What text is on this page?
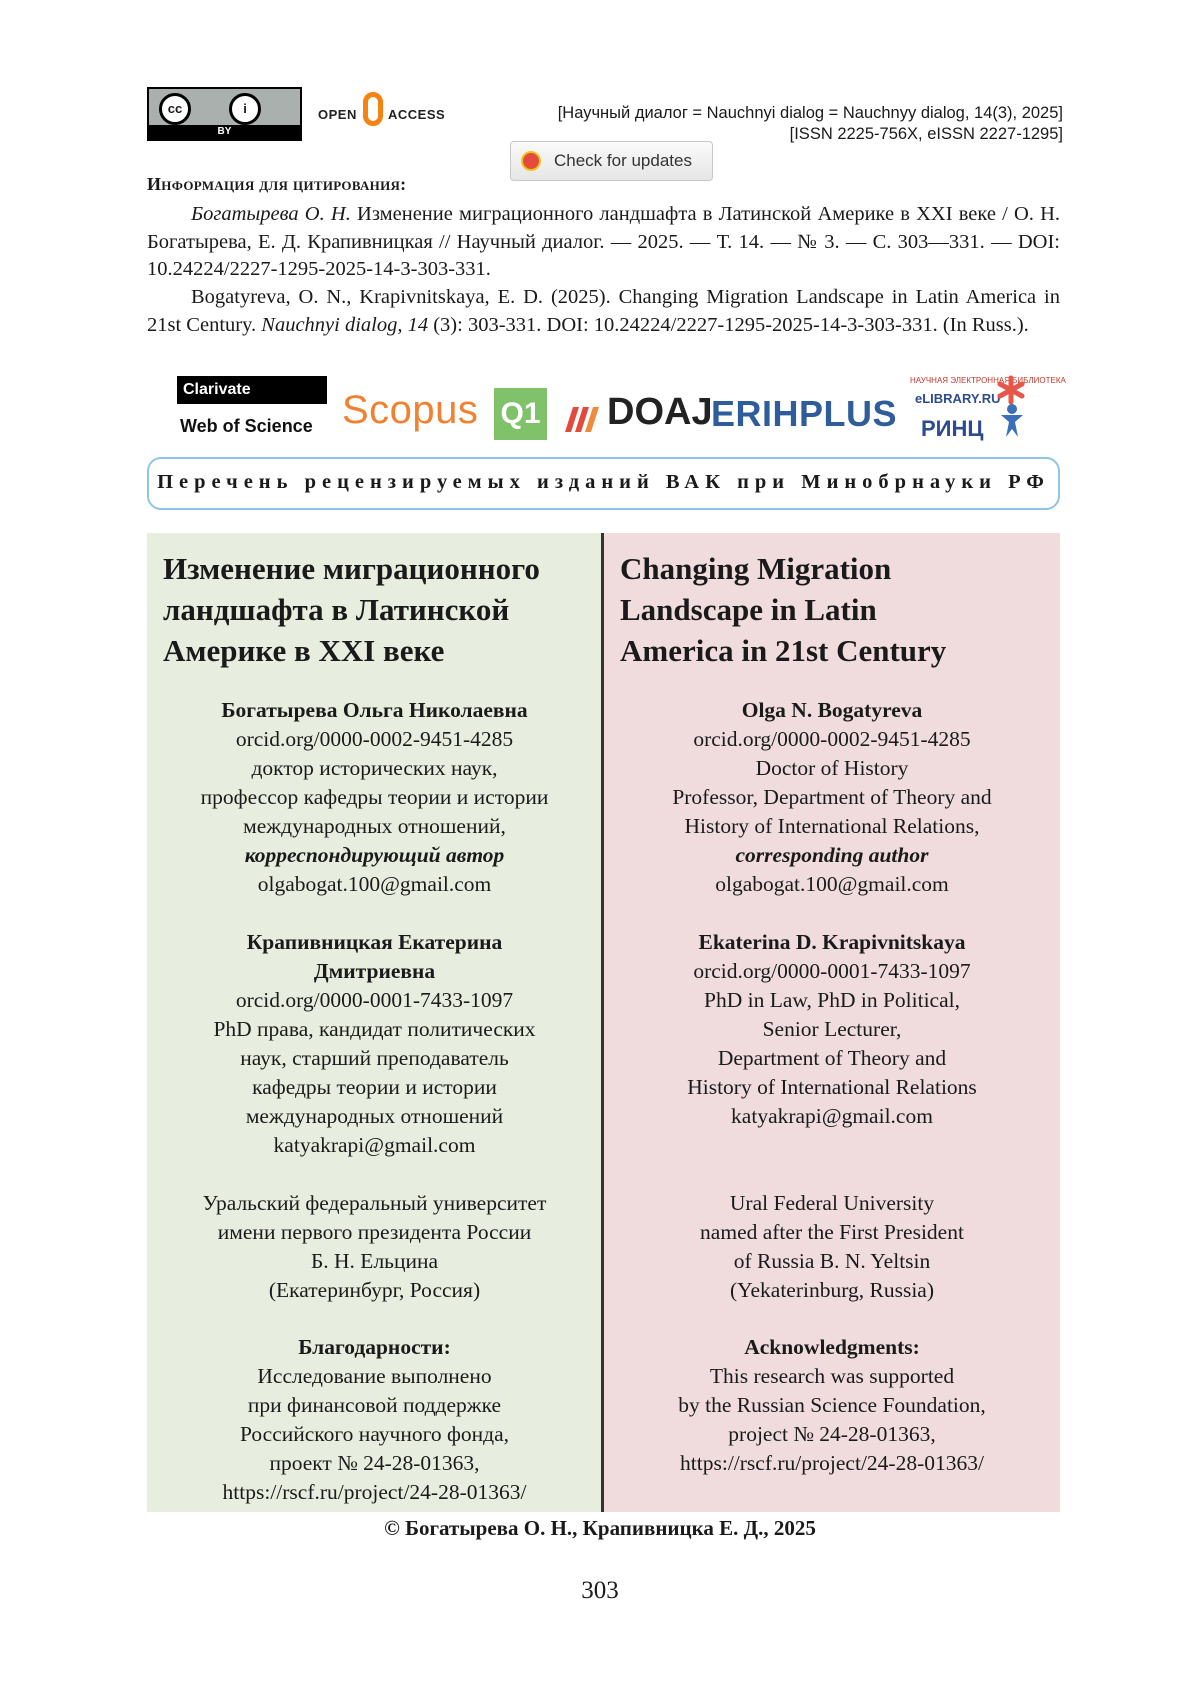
cc	i
BY
OPEN ACCESS	[Научный диалог = Nauchnyi dialog = Nauchnyy dialog, 14(3), 2025]
[ISSN 2225-756X, eISSN 2227-1295]
Check for updates
Информация для цитирования:
Богатырева О. Н. Изменение миграционного ландшафта в Латинской Америке в XXI веке / О. Н. Богатырева, Е. Д. Крапивницкая // Научный диалог. — 2025. — Т. 14. — № 3. — С. 303—331. — DOI: 10.24224/2227-1295-2025-14-3-303-331.
Bogatyreva, O. N., Krapivnitskaya, E. D. (2025). Changing Migration Landscape in Latin America in 21st Century. Nauchnyi dialog, 14 (3): 303-331. DOI: 10.24224/2227-1295-2025-14-3-303-331. (In Russ.).
Clarivate
Web of Science Scopus Q1 DOAJ
ERIHPLUS
НАУЧНАЯ ЭЛЕКТРОННАЯ БИБЛИОТЕКА
eLIBRARY.RU
РИНЦ
Перечень рецензируемых изданий ВАК при Минобрнауки РФ
Изменение миграционного
ландшафта в Латинской
Америке в XXI веке
Богатырева Ольга Николаевна
orcid.org/0000-0002-9451-4285
доктор исторических наук,
профессор кафедры теории и истории
международных отношений,
корреспондирующий автор
olgabogat.100@gmail.com
Крапивницкая Екатерина
Дмитриевна
orcid.org/0000-0001-7433-1097
PhD права, кандидат политических
наук, старший преподаватель
кафедры теории и истории
международных отношений
katyakrapi@gmail.com
Уральский федеральный университет
имени первого президента России
Б. Н. Ельцина
(Екатеринбург, Россия)
Благодарности:
Исследование выполнено
при финансовой поддержке
Российского научного фонда,
проект № 24-28-01363,
https://rscf.ru/project/24-28-01363/
Changing Migration
Landscape in Latin
America in 21st Century
Olga N. Bogatyreva
orcid.org/0000-0002-9451-4285
Doctor of History
Professor, Department of Theory and
History of International Relations,
corresponding author
olgabogat.100@gmail.com
Ekaterina D. Krapivnitskaya
orcid.org/0000-0001-7433-1097
PhD in Law, PhD in Political,
Senior Lecturer,
Department of Theory and
History of International Relations
katyakrapi@gmail.com
Ural Federal University
named after the First President
of Russia B. N. Yeltsin
(Yekaterinburg, Russia)
Acknowledgments:
This research was supported
by the Russian Science Foundation,
project № 24-28-01363,
https://rscf.ru/project/24-28-01363/
© Богатырева О. Н., Крапивницка Е. Д., 2025
303
